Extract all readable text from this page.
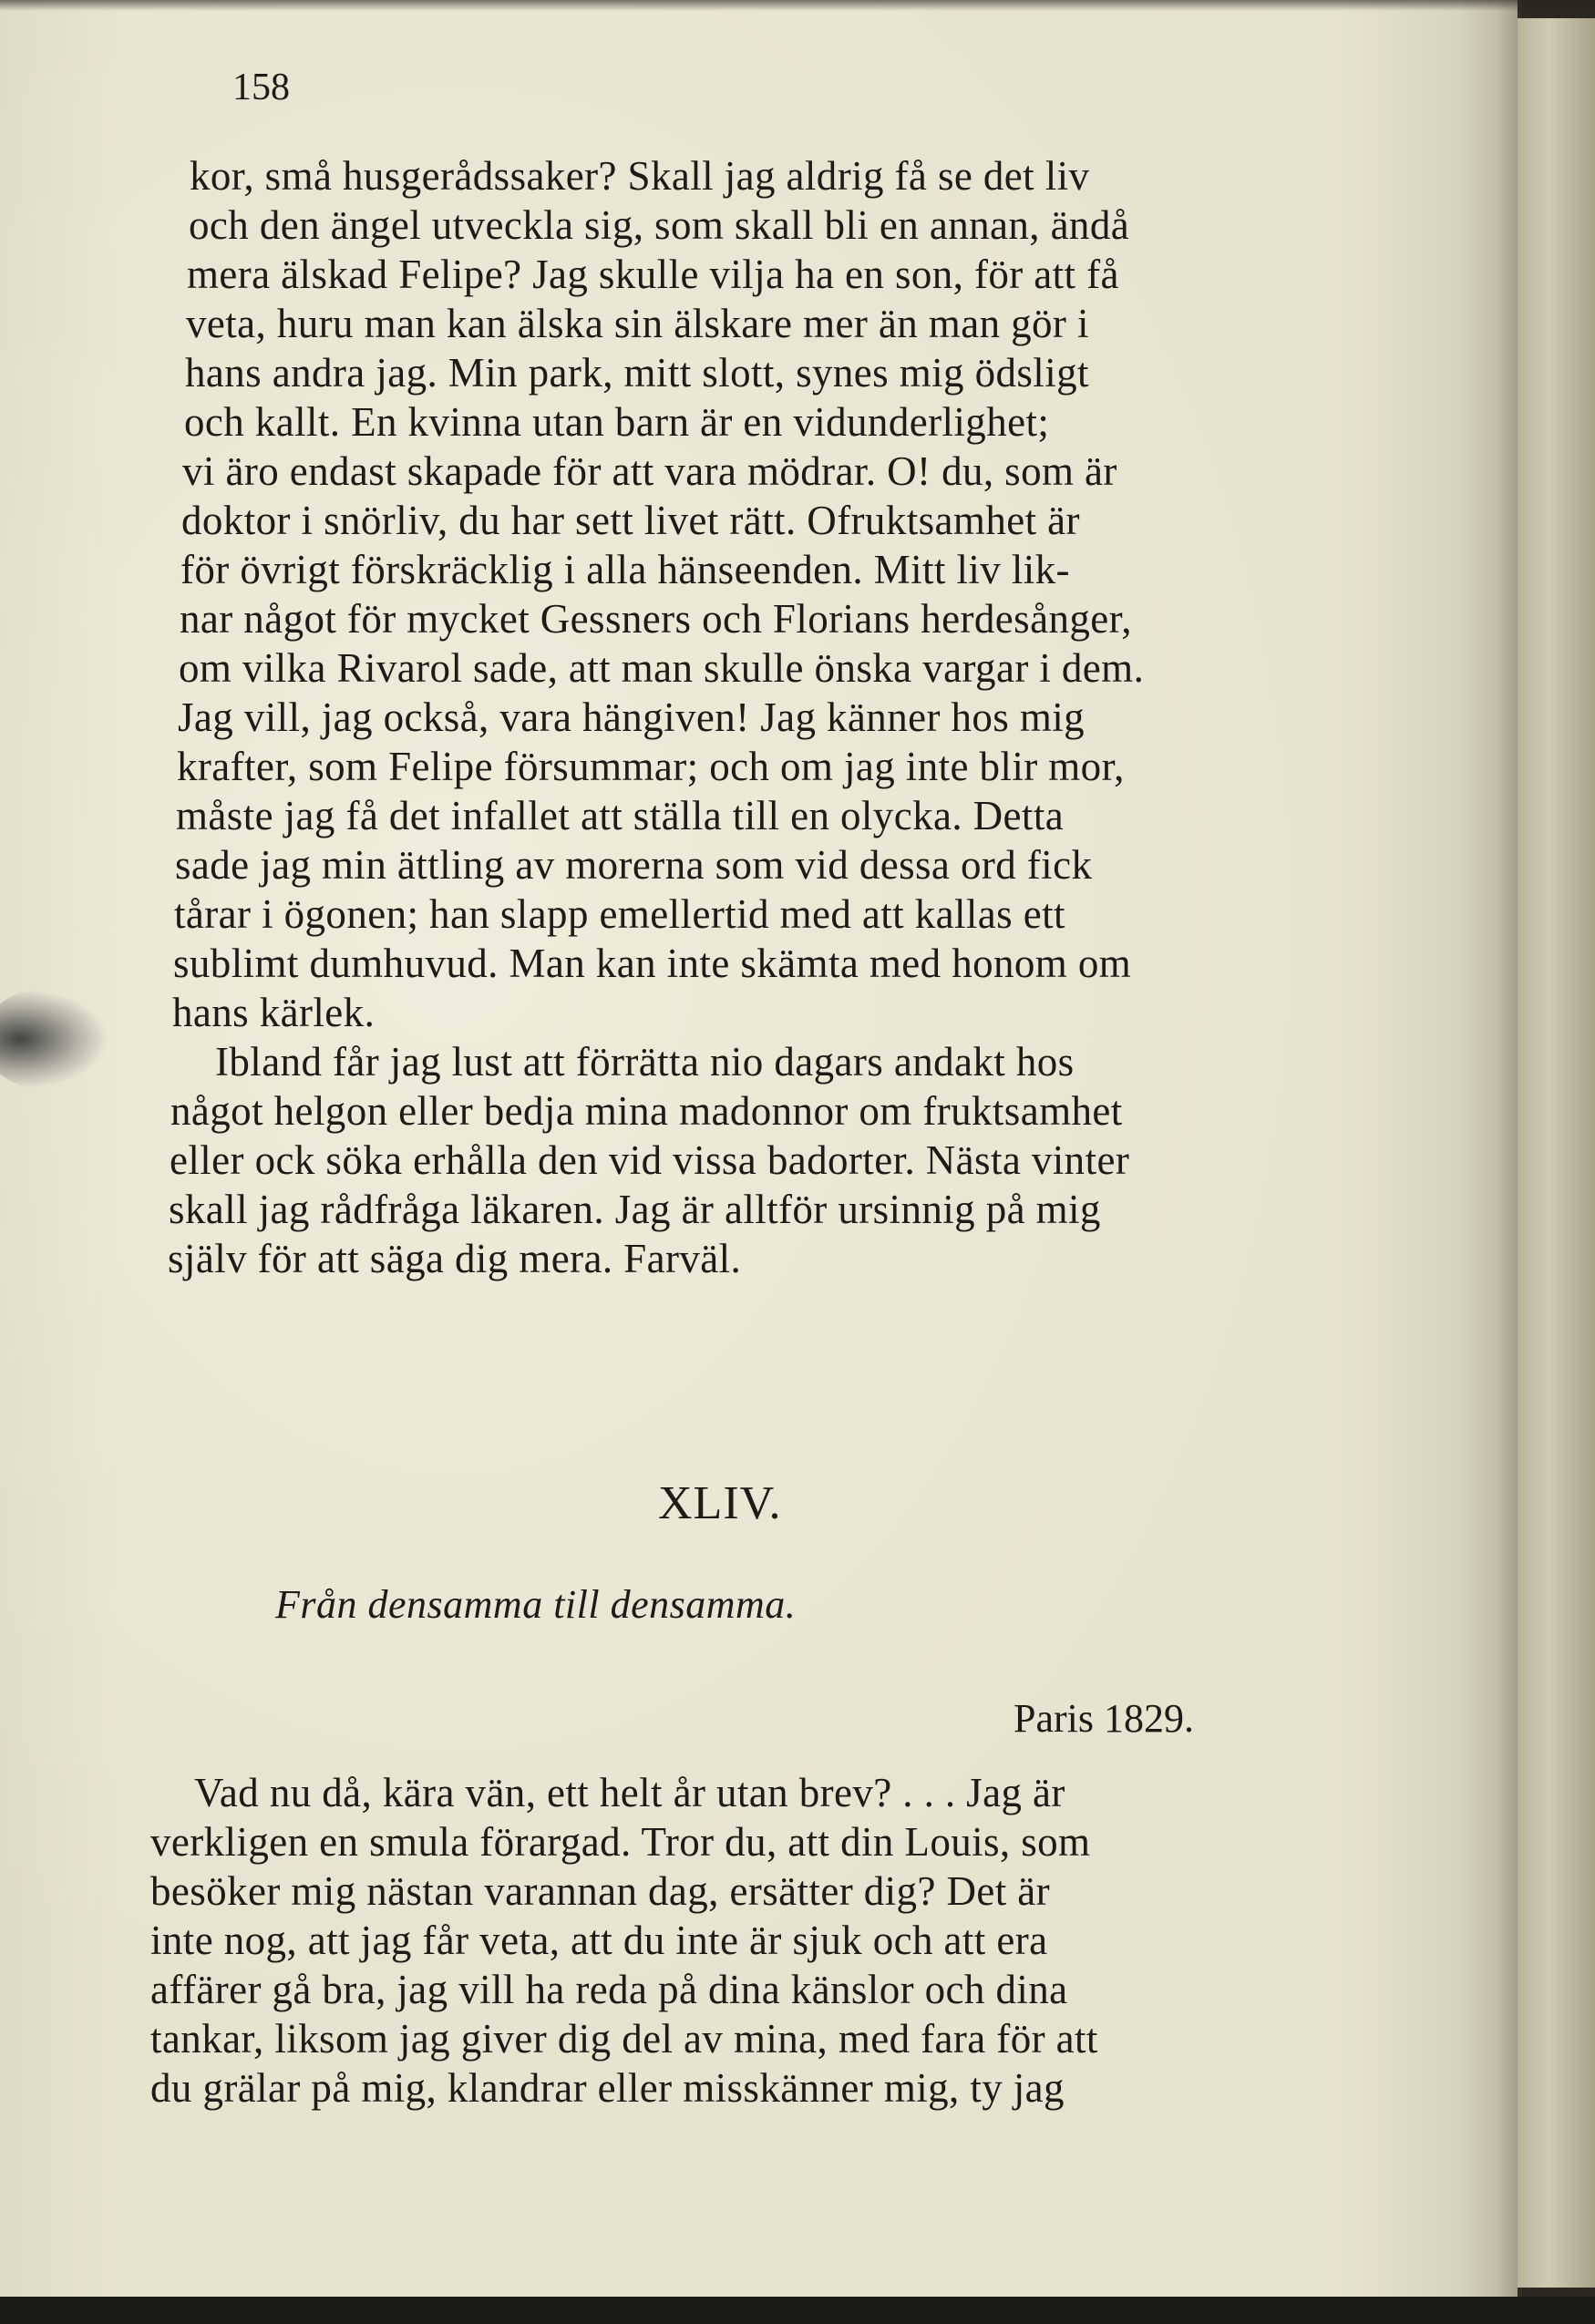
158
kor, små husgerådssaker? Skall jag aldrig få se det liv
och den ängel utveckla sig, som skall bli en annan, ändå
mera älskad Felipe? Jag skulle vilja ha en son, för att få
veta, huru man kan älska sin älskare mer än man gör i
hans andra jag. Min park, mitt slott, synes mig ödsligt
och kallt. En kvinna utan barn är en vidunderlighet;
vi äro endast skapade för att vara mödrar. O! du, som är
doktor i snörliv, du har sett livet rätt. Ofruktsamhet är
för övrigt förskräcklig i alla hänseenden. Mitt liv lik-
nar något för mycket Gessners och Florians herdesånger,
om vilka Rivarol sade, att man skulle önska vargar i dem.
Jag vill, jag också, vara hängiven! Jag känner hos mig
krafter, som Felipe försummar; och om jag inte blir mor,
måste jag få det infallet att ställa till en olycka. Detta
sade jag min ättling av morerna som vid dessa ord fick
tårar i ögonen; han slapp emellertid med att kallas ett
sublimt dumhuvud. Man kan inte skämta med honom om
hans kärlek.
Ibland får jag lust att förrätta nio dagars andakt hos
något helgon eller bedja mina madonnor om fruktsamhet
eller ock söka erhålla den vid vissa badorter. Nästa vinter
skall jag rådfråga läkaren. Jag är alltför ursinnig på mig
själv för att säga dig mera. Farväl.
XLIV.
Från densamma till densamma.
Paris 1829.
Vad nu då, kära vän, ett helt år utan brev? . . . Jag är
verkligen en smula förargad. Tror du, att din Louis, som
besöker mig nästan varannan dag, ersätter dig? Det är
inte nog, att jag får veta, att du inte är sjuk och att era
affärer gå bra, jag vill ha reda på dina känslor och dina
tankar, liksom jag giver dig del av mina, med fara för att
du grälar på mig, klandrar eller misskänner mig, ty jag
